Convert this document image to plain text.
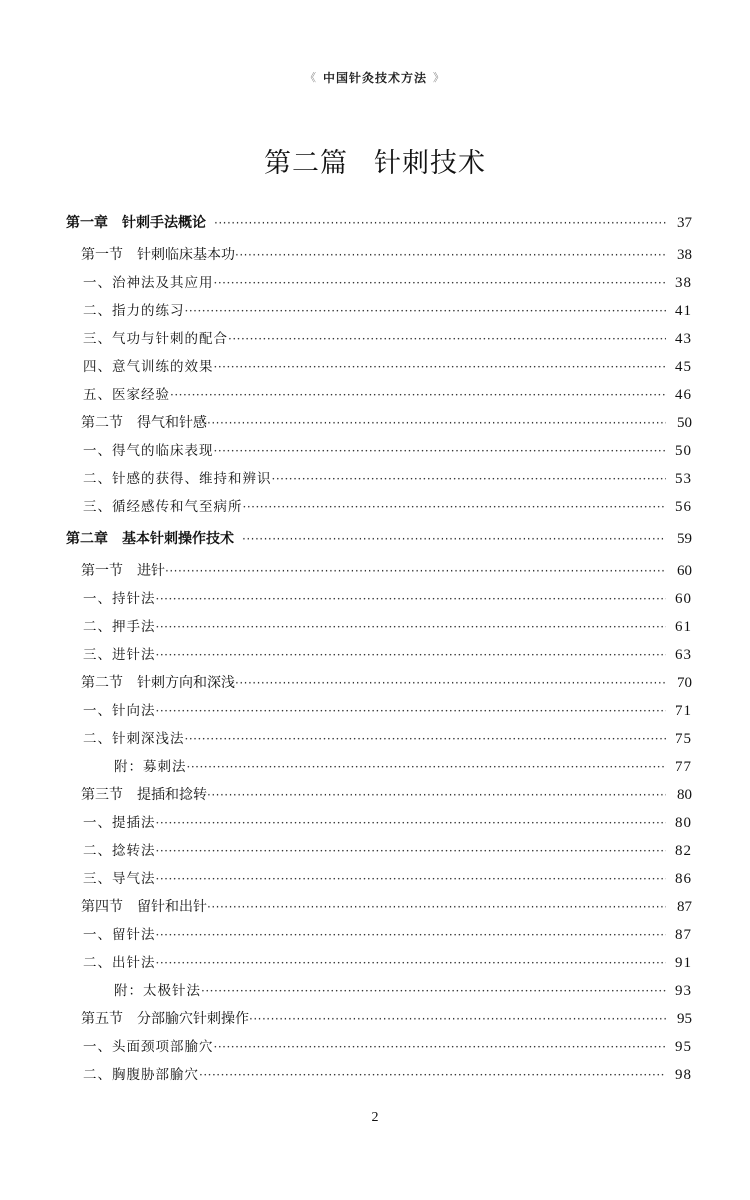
《 中国针灸技术方法 》
第二篇 针刺技术
第一章　针刺手法概论 ·····	37
第一节　针刺临床基本功 ·····	38
一、治神法及其应用 ·····	38
二、指力的练习 ·····	41
三、气功与针刺的配合 ·····	43
四、意气训练的效果 ·····	45
五、医家经验 ·····	46
第二节　得气和针感 ·····	50
一、得气的临床表现 ·····	50
二、针感的获得、维持和辨识 ·····	53
三、循经感传和气至病所 ·····	56
第二章　基本针刺操作技术 ·····	59
第一节　进针 ·····	60
一、持针法 ·····	60
二、押手法 ·····	61
三、进针法 ·····	63
第二节　针刺方向和深浅 ·····	70
一、针向法 ·····	71
二、针刺深浅法 ·····	75
附：募刺法 ·····	77
第三节　提插和捻转 ·····	80
一、提插法 ·····	80
二、捻转法 ·····	82
三、导气法 ·····	86
第四节　留针和出针 ·····	87
一、留针法 ·····	87
二、出针法 ·····	91
附：太极针法 ·····	93
第五节　分部腧穴针刺操作 ·····	95
一、头面颈项部腧穴 ·····	95
二、胸腹胁部腧穴 ·····	98
2
